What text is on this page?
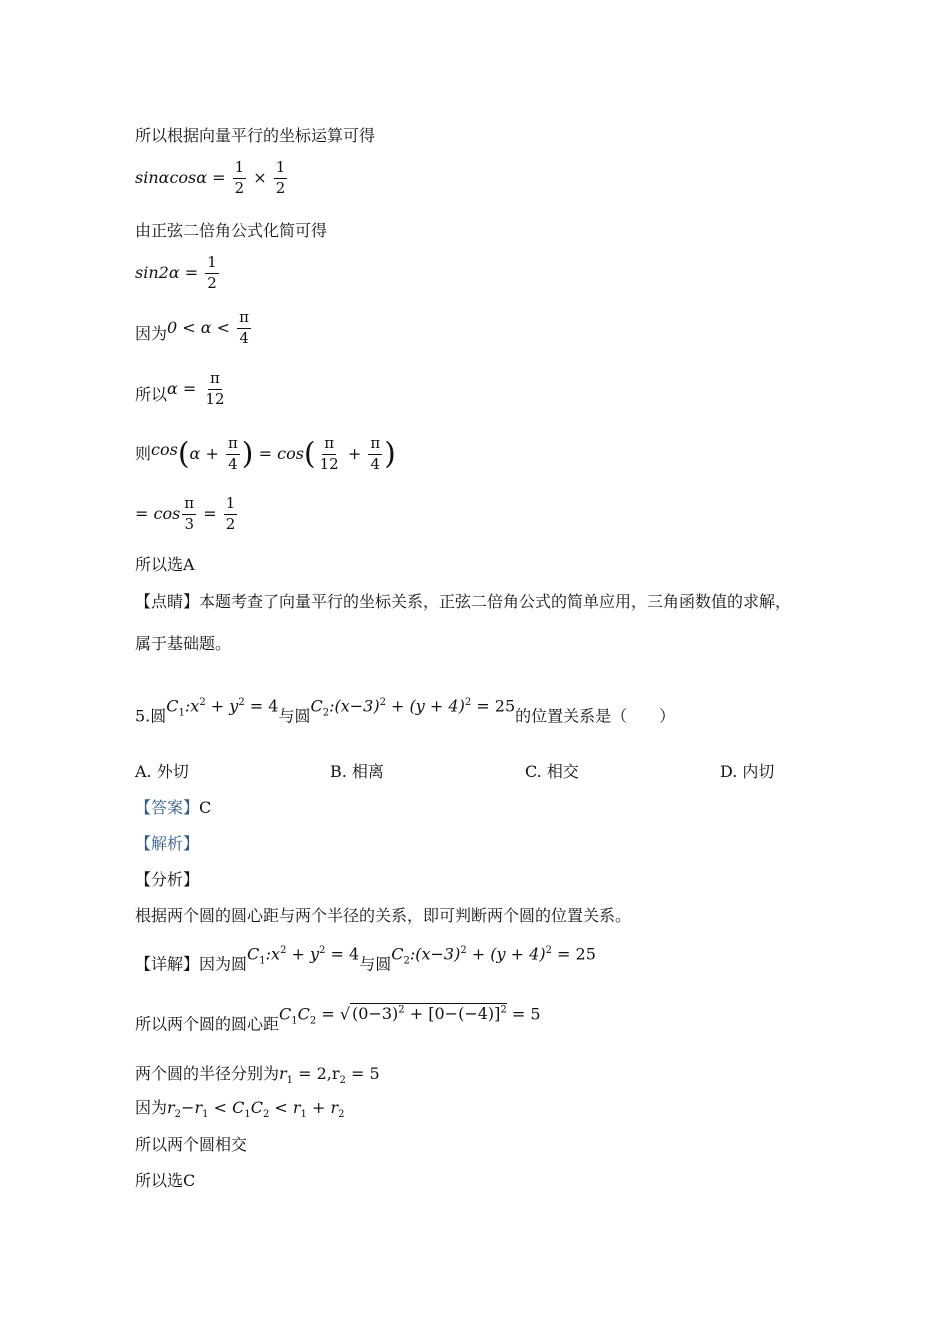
所以根据向量平行的坐标运算可得
$\sin\alpha\cos\alpha = \frac{1}{2} \times \frac{1}{2}$
由正弦二倍角公式化简可得
$\sin 2\alpha = \frac{1}{2}$
因为$0 < \alpha < \frac{\pi}{4}$
所以$\alpha = \frac{\pi}{12}$
则$\cos(\alpha + \frac{\pi}{4}$ ) = $\cos( \frac{\pi}{12} + \frac{\pi}{4}$ )
= $\cos \frac{\pi}{3} = \frac{1}{2}$
所以选A
【点睛】本题考查了向量平行的坐标关系，正弦二倍角公式的简单应用，三角函数值的求解，
属于基础题。
5.圆$C_1:x^2 + y^2 = 4$与圆$C_2:(x-3)^2 + (y + 4)^2 = 25$的位置关系是（　　）
A. 外切	B. 相离	C. 相交	D. 内切
【答案】C
【解析】
【分析】
根据两个圆的圆心距与两个半径的关系，即可判断两个圆的位置关系。
【详解】因为圆$C_1:x^2 + y^2 = 4$与圆$C_2:(x-3)^2 + (y + 4)^2 = 25$
所以两个圆的圆心距$C_1C_2$ = √ $(0-3)^2 + [0-(-4)]^2 = 5$
两个圆的半径分别为$r_1 = 2,r_2 = 5$
因为$r_2-r_1 < C_1C_2 < r_1 + r_2$
所以两个圆相交
所以选C
